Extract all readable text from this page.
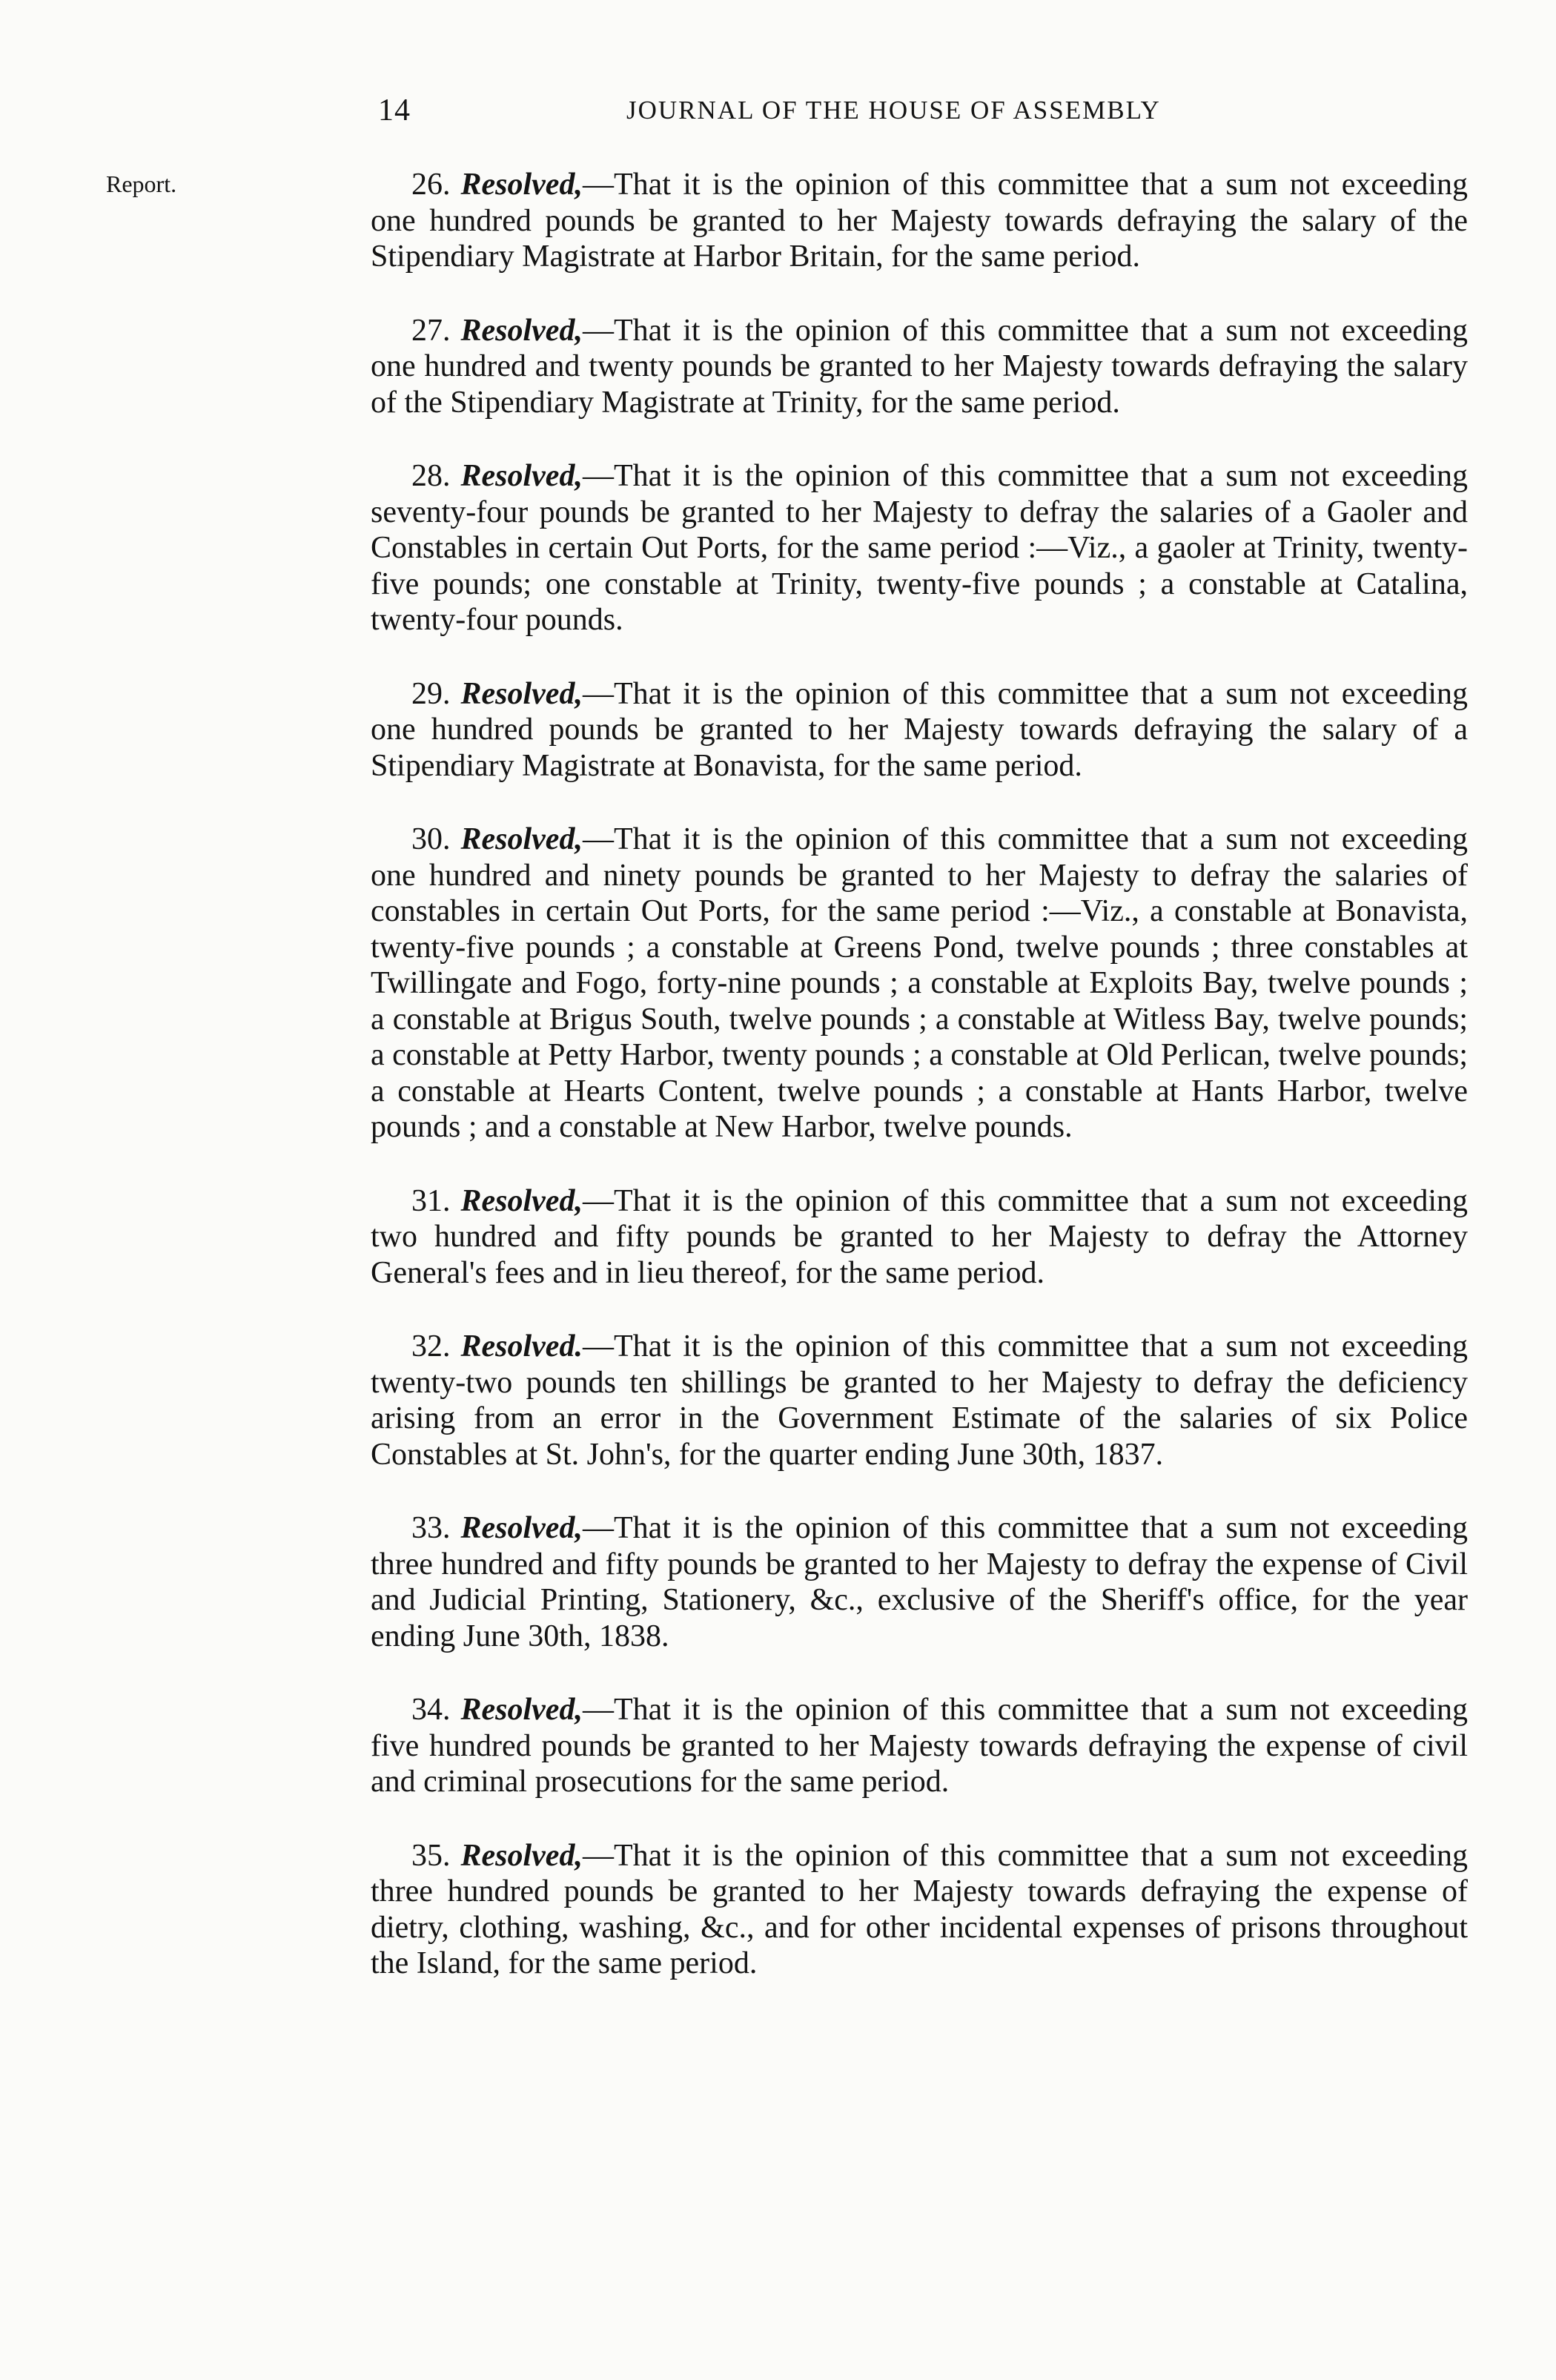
14	JOURNAL OF THE HOUSE OF ASSEMBLY
Report.	26. Resolved,—That it is the opinion of this committee that a sum not exceeding one hundred pounds be granted to her Majesty towards defraying the salary of the Stipendiary Magistrate at Harbor Britain, for the same period.

27. Resolved,—That it is the opinion of this committee that a sum not exceeding one hundred and twenty pounds be granted to her Majesty towards defraying the salary of the Stipendiary Magistrate at Trinity, for the same period.

28. Resolved,—That it is the opinion of this committee that a sum not exceeding seventy-four pounds be granted to her Majesty to defray the salaries of a Gaoler and Constables in certain Out Ports, for the same period :—Viz., a gaoler at Trinity, twenty-five pounds; one constable at Trinity, twenty-five pounds ; a constable at Catalina, twenty-four pounds.

29. Resolved,—That it is the opinion of this committee that a sum not exceeding one hundred pounds be granted to her Majesty towards defraying the salary of a Stipendiary Magistrate at Bonavista, for the same period.

30. Resolved,—That it is the opinion of this committee that a sum not exceeding one hundred and ninety pounds be granted to her Majesty to defray the salaries of constables in certain Out Ports, for the same period :—Viz., a constable at Bonavista, twenty-five pounds ; a constable at Greens Pond, twelve pounds ; three constables at Twillingate and Fogo, forty-nine pounds ; a constable at Exploits Bay, twelve pounds ; a constable at Brigus South, twelve pounds ; a constable at Witless Bay, twelve pounds; a constable at Petty Harbor, twenty pounds ; a constable at Old Perlican, twelve pounds; a constable at Hearts Content, twelve pounds ; a constable at Hants Harbor, twelve pounds ; and a constable at New Harbor, twelve pounds.

31. Resolved,—That it is the opinion of this committee that a sum not exceeding two hundred and fifty pounds be granted to her Majesty to defray the Attorney General's fees and in lieu thereof, for the same period.

32. Resolved.—That it is the opinion of this committee that a sum not exceeding twenty-two pounds ten shillings be granted to her Majesty to defray the deficiency arising from an error in the Government Estimate of the salaries of six Police Constables at St. John's, for the quarter ending June 30th, 1837.

33. Resolved,—That it is the opinion of this committee that a sum not exceeding three hundred and fifty pounds be granted to her Majesty to defray the expense of Civil and Judicial Printing, Stationery, &c., exclusive of the Sheriff's office, for the year ending June 30th, 1838.

34. Resolved,—That it is the opinion of this committee that a sum not exceeding five hundred pounds be granted to her Majesty towards defraying the expense of civil and criminal prosecutions for the same period.

35. Resolved,—That it is the opinion of this committee that a sum not exceeding three hundred pounds be granted to her Majesty towards defraying the expense of dietry, clothing, washing, &c., and for other incidental expenses of prisons throughout the Island, for the same period.
